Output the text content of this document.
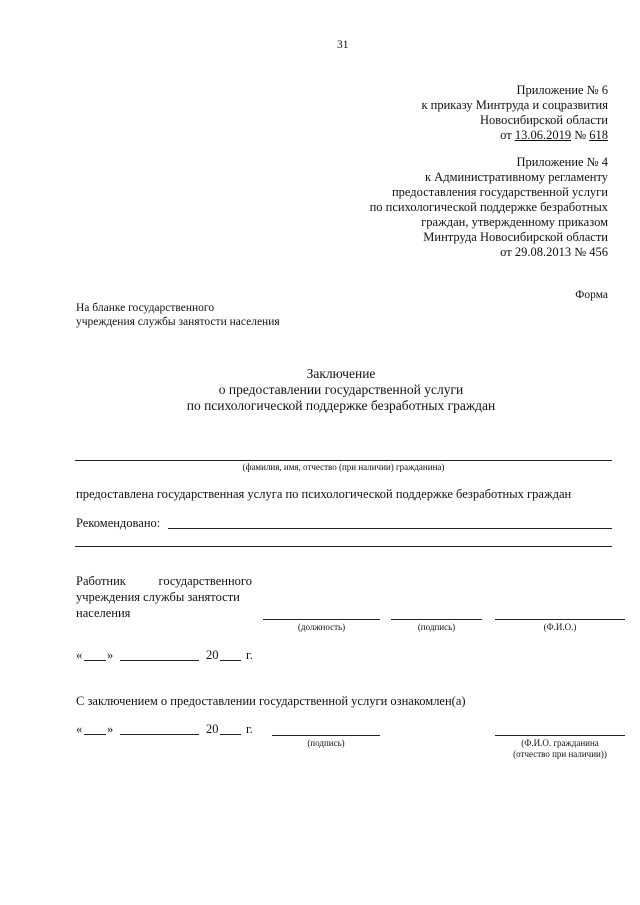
31
Приложение № 6
к приказу Минтруда и соцразвития
Новосибирской области
от 13.06.2019 № 618
Приложение № 4
к Административному регламенту
предоставления государственной услуги
по психологической поддержке безработных
граждан, утвержденному приказом
Минтруда Новосибирской области
от 29.08.2013 № 456
Форма
На бланке государственного
учреждения службы занятости населения
Заключение
о предоставлении государственной услуги
по психологической поддержке безработных граждан
(фамилия, имя, отчество (при наличии) гражданина)
предоставлена государственная услуга по психологической поддержке безработных граждан
Рекомендовано:
Работник	государственного
учреждения службы занятости
населения
(должность)	(подпись)	(Ф.И.О.)
« »	20 г.
С заключением о предоставлении государственной услуги ознакомлен(а)
« »	20 г.
(подпись)	(Ф.И.О. гражданина
(отчество при наличии))
